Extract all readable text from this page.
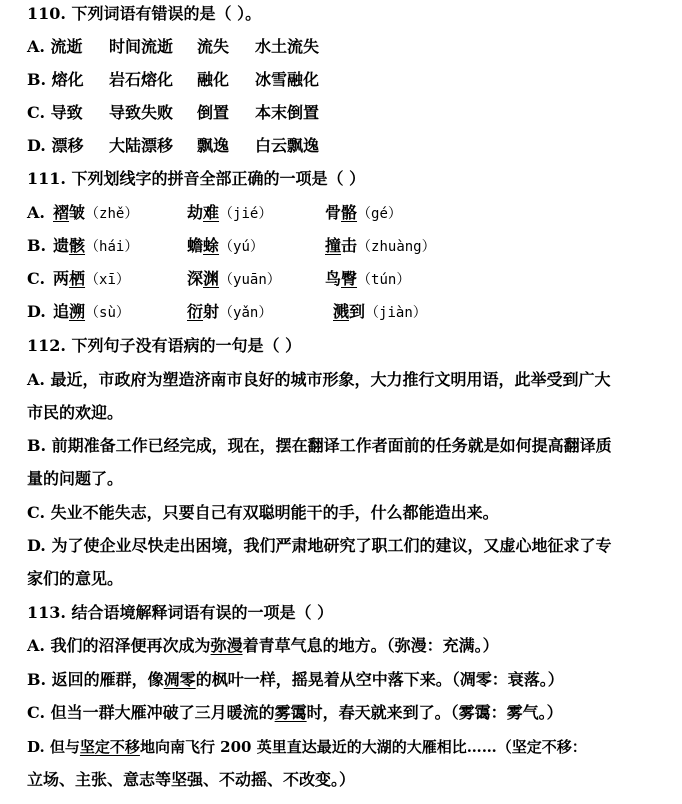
110. 下列词语有错误的是（ ）。
A. 流逝 时间流逝 流失 水土流失
B. 熔化 岩石熔化 融化 冰雪融化
C. 导致 导致失败 倒置 本末倒置
D. 漂移 大陆漂移 飘逸 白云飘逸
111. 下列划线字的拼音全部正确的一项是（ ）
A. 褶皱（zhě）	劫难（jié）	骨骼（gé）
B. 遗骸（hái）	蟾蜍（yú）	撞击（zhuàng）
C. 两栖（xī）	深渊（yuān）	鸟臀（tún）
D. 追溯（sù）	衍射（yǎn）	溅到（jiàn）
112. 下列句子没有语病的一句是（ ）
A. 最近，市政府为塑造济南市良好的城市形象，大力推行文明用语，此举受到广大
市民的欢迎。
B. 前期准备工作已经完成，现在，摆在翻译工作者面前的任务就是如何提高翻译质
量的问题了。
C. 失业不能失志，只要自己有双聪明能干的手，什么都能造出来。
D. 为了使企业尽快走出困境，我们严肃地研究了职工们的建议，又虚心地征求了专
家们的意见。
113. 结合语境解释词语有误的一项是（ ）
A. 我们的沼泽便再次成为弥漫着青草气息的地方。（弥漫：充满。）
B. 返回的雁群，像凋零的枫叶一样，摇晃着从空中落下来。（凋零：衰落。）
C. 但当一群大雁冲破了三月暖流的雾霭时，春天就来到了。（雾霭：雾气。）
D. 但与坚定不移地向南飞行 200 英里直达最近的大湖的大雁相比……（坚定不移：
立场、主张、意志等坚强、不动摇、不改变。）
